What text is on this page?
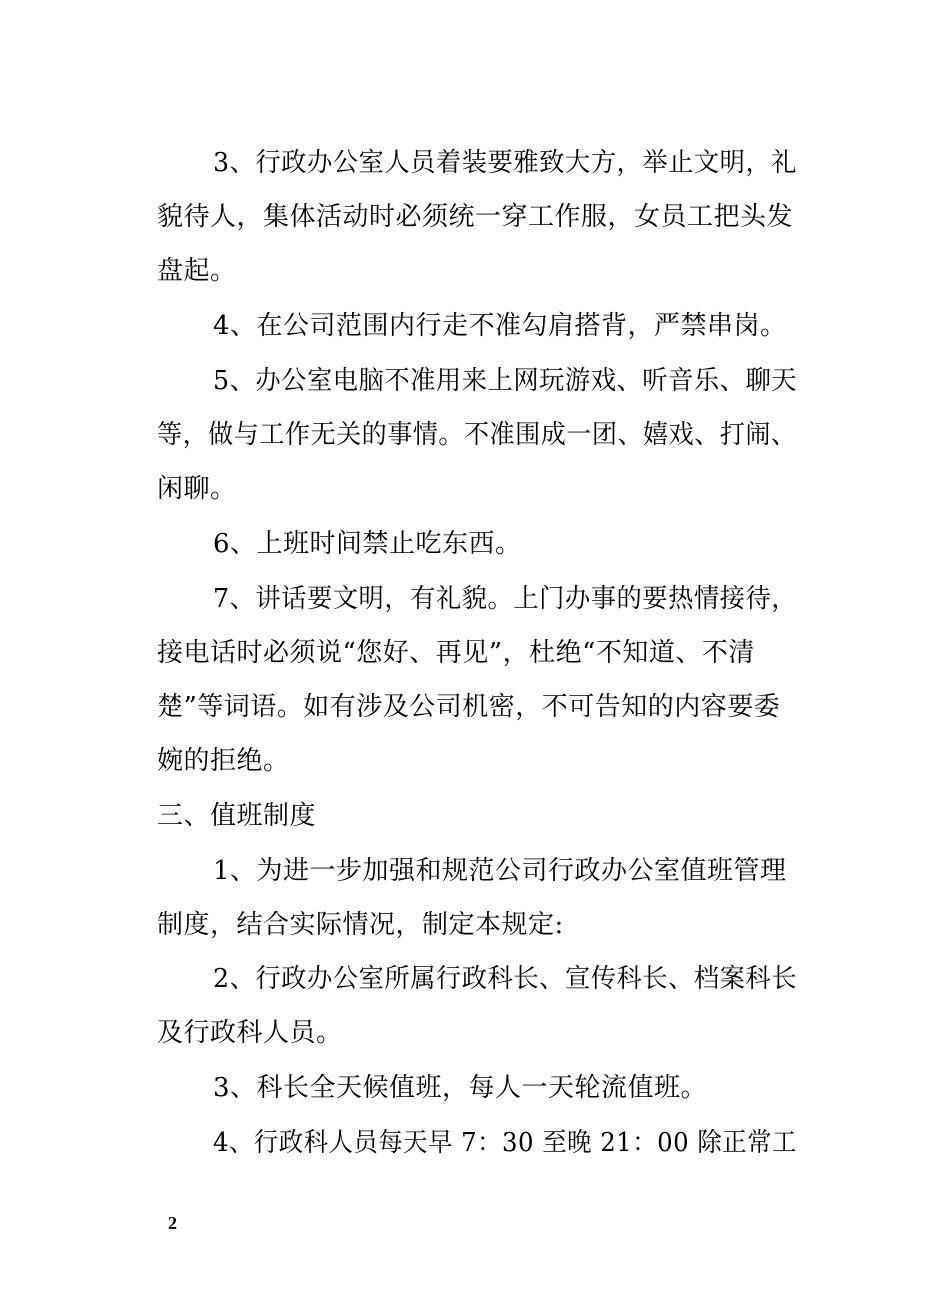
3、行政办公室人员着装要雅致大方，举止文明，礼
貌待人，集体活动时必须统一穿工作服，女员工把头发
盘起。
4、在公司范围内行走不准勾肩搭背，严禁串岗。
5、办公室电脑不准用来上网玩游戏、听音乐、聊天
等，做与工作无关的事情。不准围成一团、嬉戏、打闹、
闲聊。
6、上班时间禁止吃东西。
7、讲话要文明，有礼貌。上门办事的要热情接待，
接电话时必须说“您好、再见”，杜绝“不知道、不清
楚”等词语。如有涉及公司机密，不可告知的内容要委
婉的拒绝。
三、值班制度
1、为进一步加强和规范公司行政办公室值班管理
制度，结合实际情况，制定本规定:
2、行政办公室所属行政科长、宣传科长、档案科长
及行政科人员。
3、科长全天候值班，每人一天轮流值班。
4、行政科人员每天早 7：30 至晚 21：00 除正常工
2
